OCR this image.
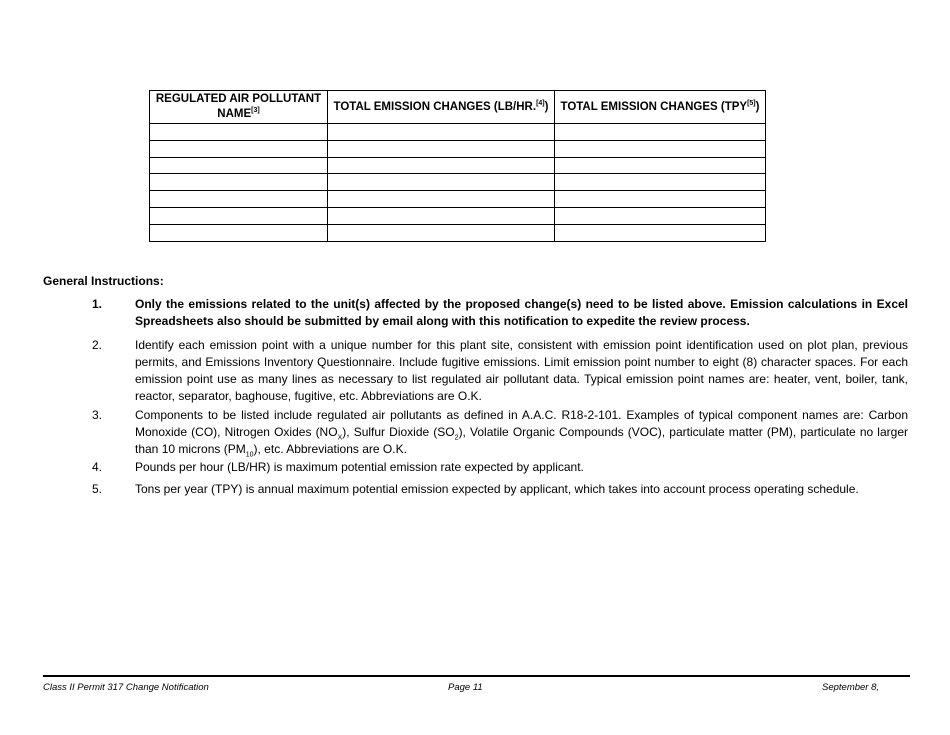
REGULATED AIR POLLUTANT NAME[3]	TOTAL EMISSION CHANGES (LB/HR.[4])	TOTAL EMISSION CHANGES (TPY[5])

General Instructions:
1.	Only the emissions related to the unit(s) affected by the proposed change(s) need to be listed above. Emission calculations in Excel Spreadsheets also should be submitted by email along with this notification to expedite the review process.
2.	Identify each emission point with a unique number for this plant site, consistent with emission point identification used on plot plan, previous permits, and Emissions Inventory Questionnaire. Include fugitive emissions. Limit emission point number to eight (8) character spaces. For each emission point use as many lines as necessary to list regulated air pollutant data. Typical emission point names are: heater, vent, boiler, tank, reactor, separator, baghouse, fugitive, etc. Abbreviations are O.K.
3.	Components to be listed include regulated air pollutants as defined in A.A.C. R18-2-101. Examples of typical component names are: Carbon Monoxide (CO), Nitrogen Oxides $(NO_X)$, Sulfur Dioxide $(SO_2)$, Volatile Organic Compounds (VOC), particulate matter (PM), particulate no larger than 10 microns $(PM_{10})$, etc. Abbreviations are O.K.
4.	Pounds per hour (LB/HR) is maximum potential emission rate expected by applicant.
5.	Tons per year (TPY) is annual maximum potential emission expected by applicant, which takes into account process operating schedule.
Class II Permit 317 Change Notification	Page 11	September 8,
